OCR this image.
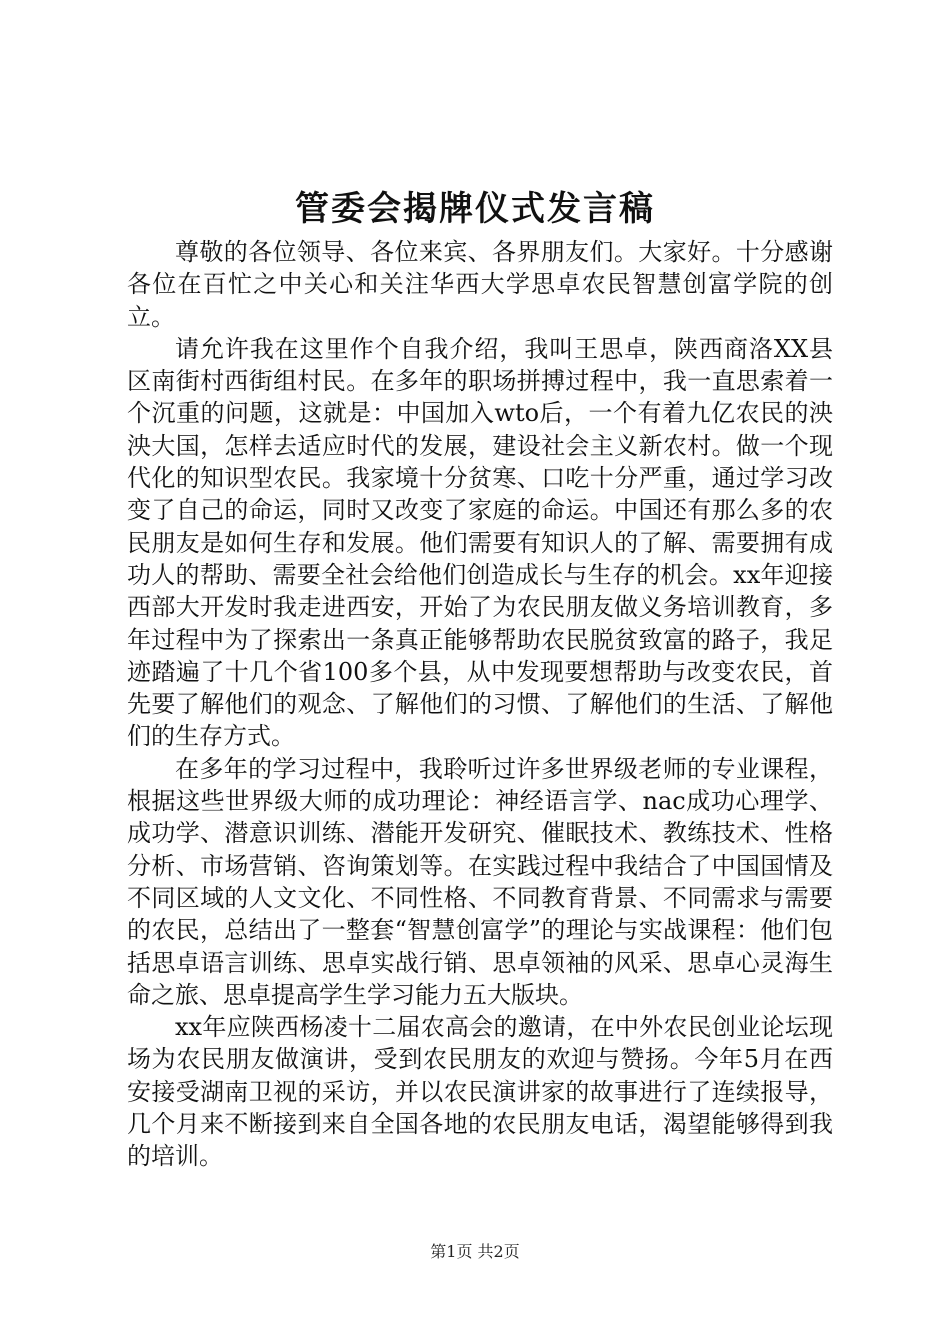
管委会揭牌仪式发言稿

尊敬的各位领导、各位来宾、各界朋友们。大家好。十分感谢各位在百忙之中关心和关注华西大学思卓农民智慧创富学院的创立。

请允许我在这里作个自我介绍，我叫王思卓，陕西商洛XX县区南街村西街组村民。在多年的职场拼搏过程中，我一直思索着一个沉重的问题，这就是：中国加入wto后，一个有着九亿农民的泱泱大国，怎样去适应时代的发展，建设社会主义新农村。做一个现代化的知识型农民。我家境十分贫寒、口吃十分严重，通过学习改变了自己的命运，同时又改变了家庭的命运。中国还有那么多的农民朋友是如何生存和发展。他们需要有知识人的了解、需要拥有成功人的帮助、需要全社会给他们创造成长与生存的机会。xx年迎接西部大开发时我走进西安，开始了为农民朋友做义务培训教育，多年过程中为了探索出一条真正能够帮助农民脱贫致富的路子，我足迹踏遍了十几个省100多个县，从中发现要想帮助与改变农民，首先要了解他们的观念、了解他们的习惯、了解他们的生活、了解他们的生存方式。

在多年的学习过程中，我聆听过许多世界级老师的专业课程，根据这些世界级大师的成功理论：神经语言学、nac成功心理学、成功学、潜意识训练、潜能开发研究、催眠技术、教练技术、性格分析、市场营销、咨询策划等。在实践过程中我结合了中国国情及不同区域的人文文化、不同性格、不同教育背景、不同需求与需要的农民，总结出了一整套“智慧创富学”的理论与实战课程：他们包括思卓语言训练、思卓实战行销、思卓领袖的风采、思卓心灵海生命之旅、思卓提高学生学习能力五大版块。

xx年应陕西杨凌十二届农高会的邀请，在中外农民创业论坛现场为农民朋友做演讲，受到农民朋友的欢迎与赞扬。今年5月在西安接受湖南卫视的采访，并以农民演讲家的故事进行了连续报导，几个月来不断接到来自全国各地的农民朋友电话，渴望能够得到我的培训。

第1页 共2页
